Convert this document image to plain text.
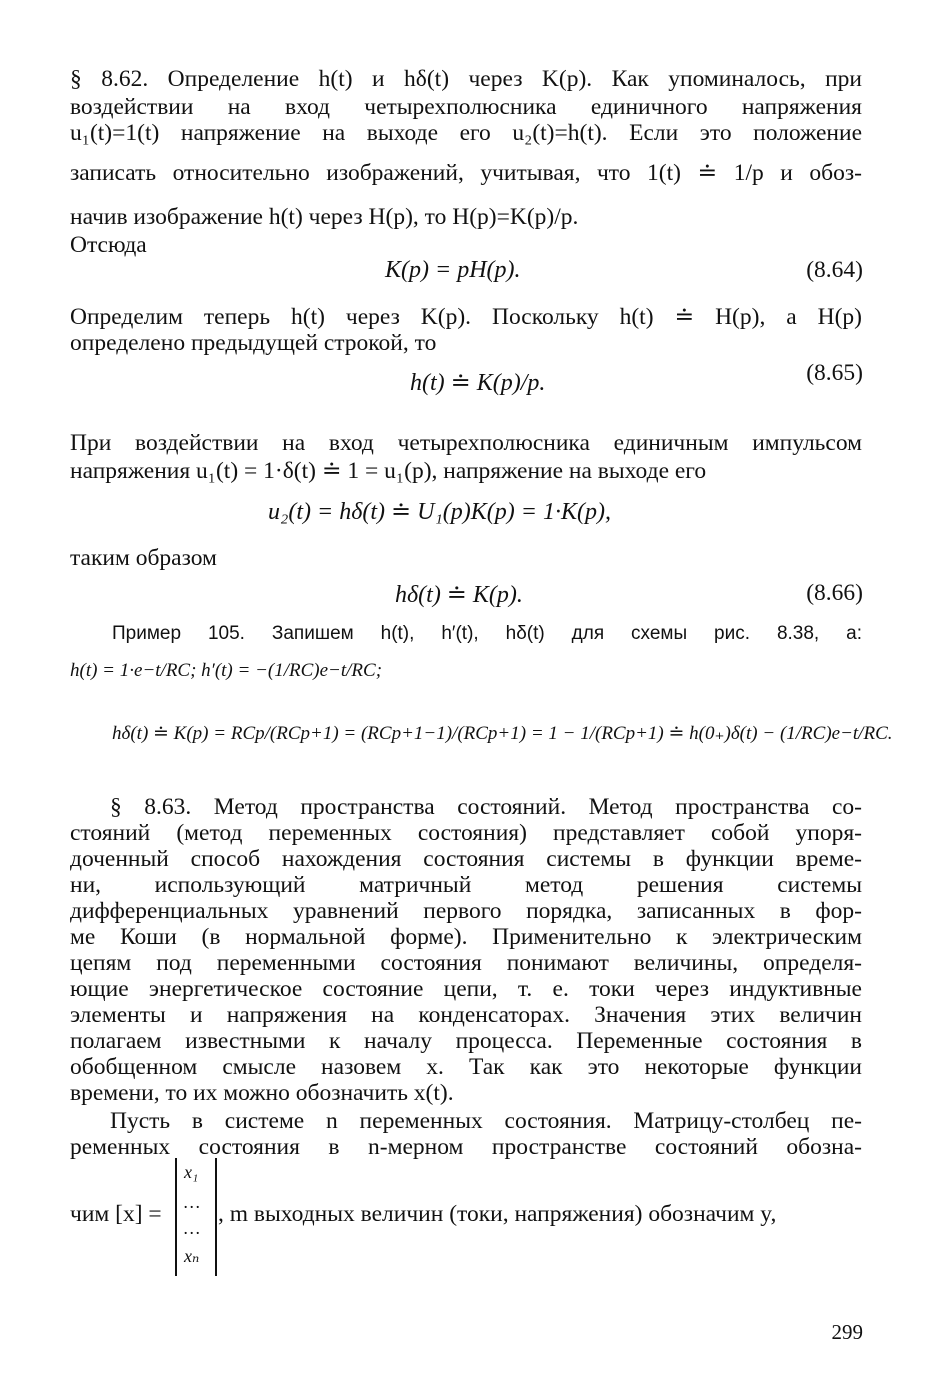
§ 8.62. Определение h(t) и hδ(t) через K(p). Как упоминалось, при
воздействии на вход четырехполюсника единичного напряжения
u₁(t)=1(t) напряжение на выходе его u₂(t)=h(t). Если это положение
записать относительно изображений, учитывая, что 1(t) ≐ 1/p и обоз-
начив изображение h(t) через H(p), то H(p)=K(p)/p.
Отсюда
K(p) = pH(p).	(8.64)
Определим теперь h(t) через K(p). Поскольку h(t) ≐ H(p), а H(p)
определено предыдущей строкой, то
h(t) ≐ K(p)/p.	(8.65)
При воздействии на вход четырехполюсника единичным импульсом
напряжения u₁(t) = 1·δ(t) ≐ 1 = u₁(p), напряжение на выходе его
u₂(t) = hδ(t) ≐ U₁(p)K(p) = 1·K(p),
таким образом
hδ(t) ≐ K(p).	(8.66)
Пример 105. Запишем h(t), h′(t), hδ(t) для схемы рис. 8.38, а:
h(t) = 1·e−t/RC; h′(t) = −(1/RC)e−t/RC;
hδ(t) ≐ K(p) = RCp/(RCp+1) = (RCp+1−1)/(RCp+1) = 1 − 1/(RCp+1) ≐ h(0₊)δ(t) − (1/RC)e−t/RC.
§ 8.63. Метод пространства состояний. Метод пространства со-
стояний (метод переменных состояния) представляет собой упоря-
доченный способ нахождения состояния системы в функции време-
ни, использующий матричный метод решения системы
дифференциальных уравнений первого порядка, записанных в фор-
ме Коши (в нормальной форме). Применительно к электрическим
цепям под переменными состояния понимают величины, определя-
ющие энергетическое состояние цепи, т. е. токи через индуктивные
элементы и напряжения на конденсаторах. Значения этих величин
полагаем известными к началу процесса. Переменные состояния в
обобщенном смысле назовем x. Так как это некоторые функции
времени, то их можно обозначить x(t).
Пусть в системе n переменных состояния. Матрицу-столбец пе-
ременных состояния в n-мерном пространстве состояний обозна-
чим [x] =
x₁
…
…
xₙ
, m выходных величин (токи, напряжения) обозначим y,
299
